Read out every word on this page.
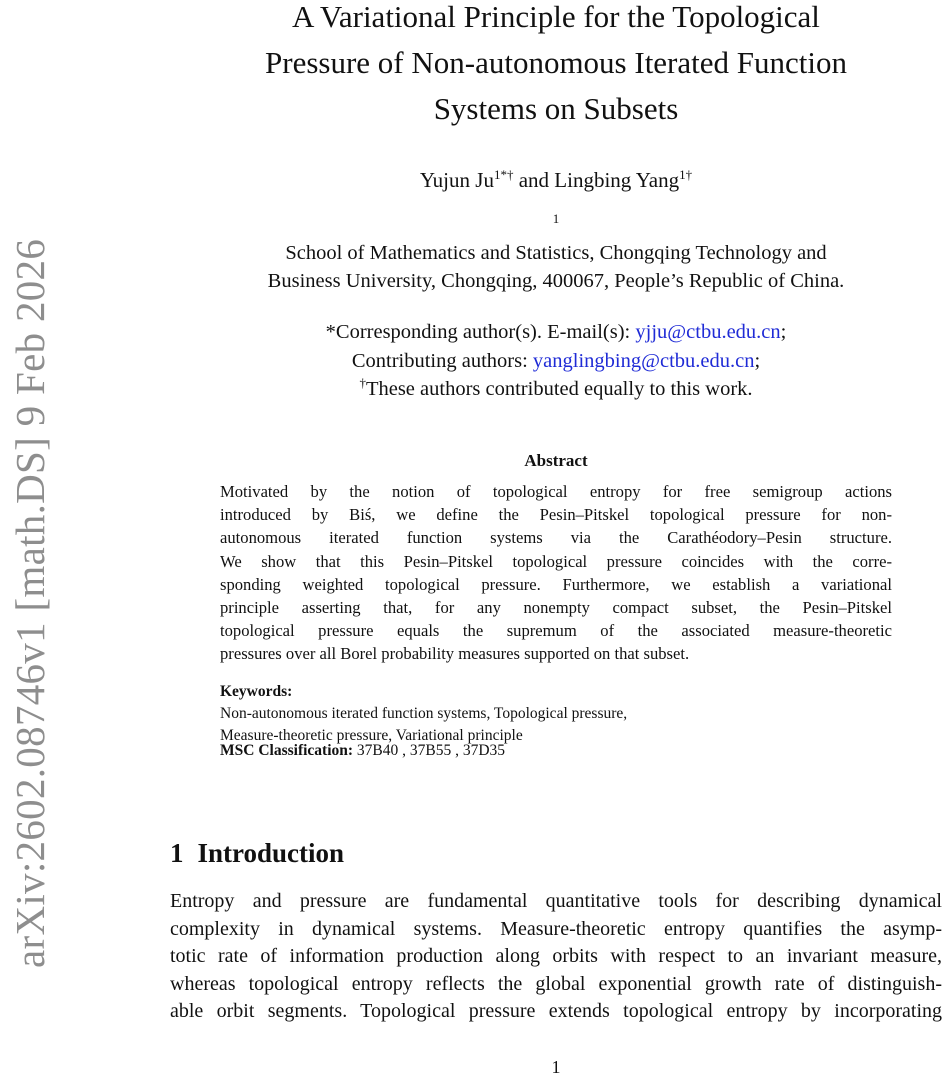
arXiv:2602.08746v1 [math.DS] 9 Feb 2026
A Variational Principle for the Topological
Pressure of Non-autonomous Iterated Function
Systems on Subsets
Yujun $Ju^{1*\dagger}$ and Lingbing Yang$^{1\dagger}$
$^1$
School of Mathematics and Statistics, Chongqing Technology and
Business University, Chongqing, 400067, People’s Republic of China.
*Corresponding author(s). E-mail(s): yjju@ctbu.edu.cn;
Contributing authors: yanglingbing@ctbu.edu.cn;
†These authors contributed equally to this work.
Abstract
Motivated by the notion of topological entropy for free semigroup actions
introduced by Biś, we define the Pesin–Pitskel topological pressure for non-
autonomous iterated function systems via the Carathéodory–Pesin structure.
We show that this Pesin–Pitskel topological pressure coincides with the corre-
sponding weighted topological pressure. Furthermore, we establish a variational
principle asserting that, for any nonempty compact subset, the Pesin–Pitskel
topological pressure equals the supremum of the associated measure-theoretic
pressures over all Borel probability measures supported on that subset.
Keywords:
Non-autonomous iterated function systems, Topological pressure,
Measure-theoretic pressure, Variational principle
MSC Classification: 37B40 , 37B55 , 37D35
1 Introduction
Entropy and pressure are fundamental quantitative tools for describing dynamical
complexity in dynamical systems. Measure-theoretic entropy quantifies the asymp-
totic rate of information production along orbits with respect to an invariant measure,
whereas topological entropy reflects the global exponential growth rate of distinguish-
able orbit segments. Topological pressure extends topological entropy by incorporating
1
